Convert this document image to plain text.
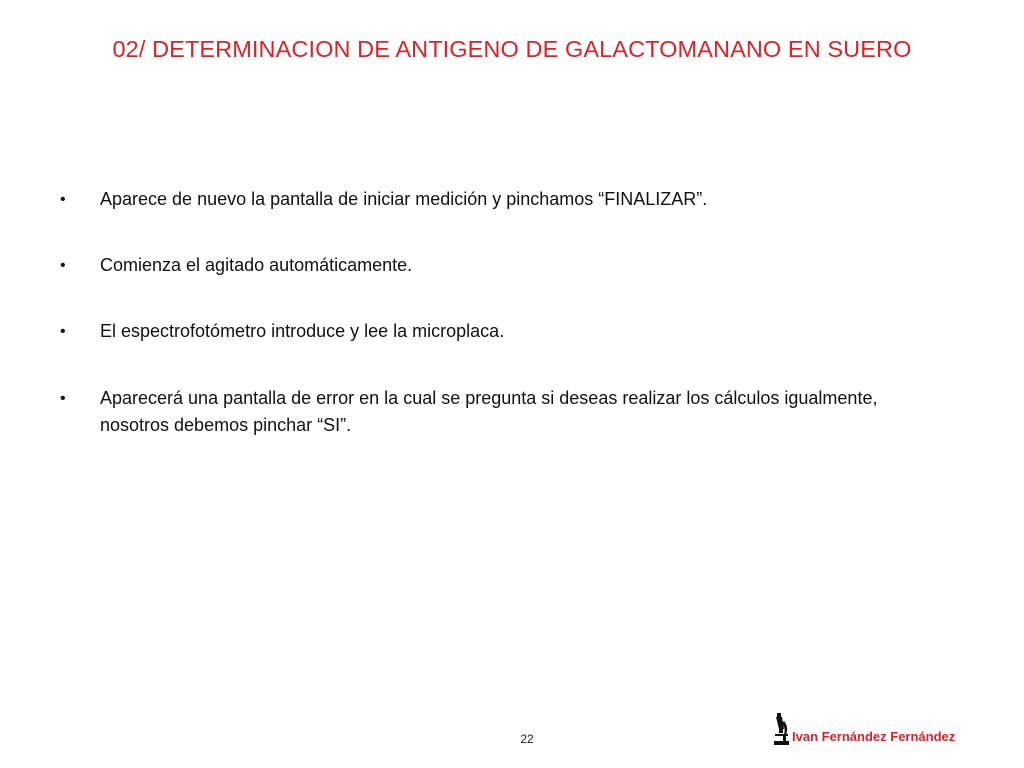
02/ DETERMINACION DE ANTIGENO DE GALACTOMANANO EN SUERO
•	Aparece de nuevo la pantalla de iniciar medición y pinchamos “FINALIZAR”.
•	Comienza el agitado automáticamente.
•	El espectrofotómetro introduce y lee la microplaca.
•	Aparecerá una pantalla de error en la cual se pregunta si deseas realizar los cálculos igualmente, nosotros debemos pinchar “SI”.
22	Ivan Fernández Fernández
